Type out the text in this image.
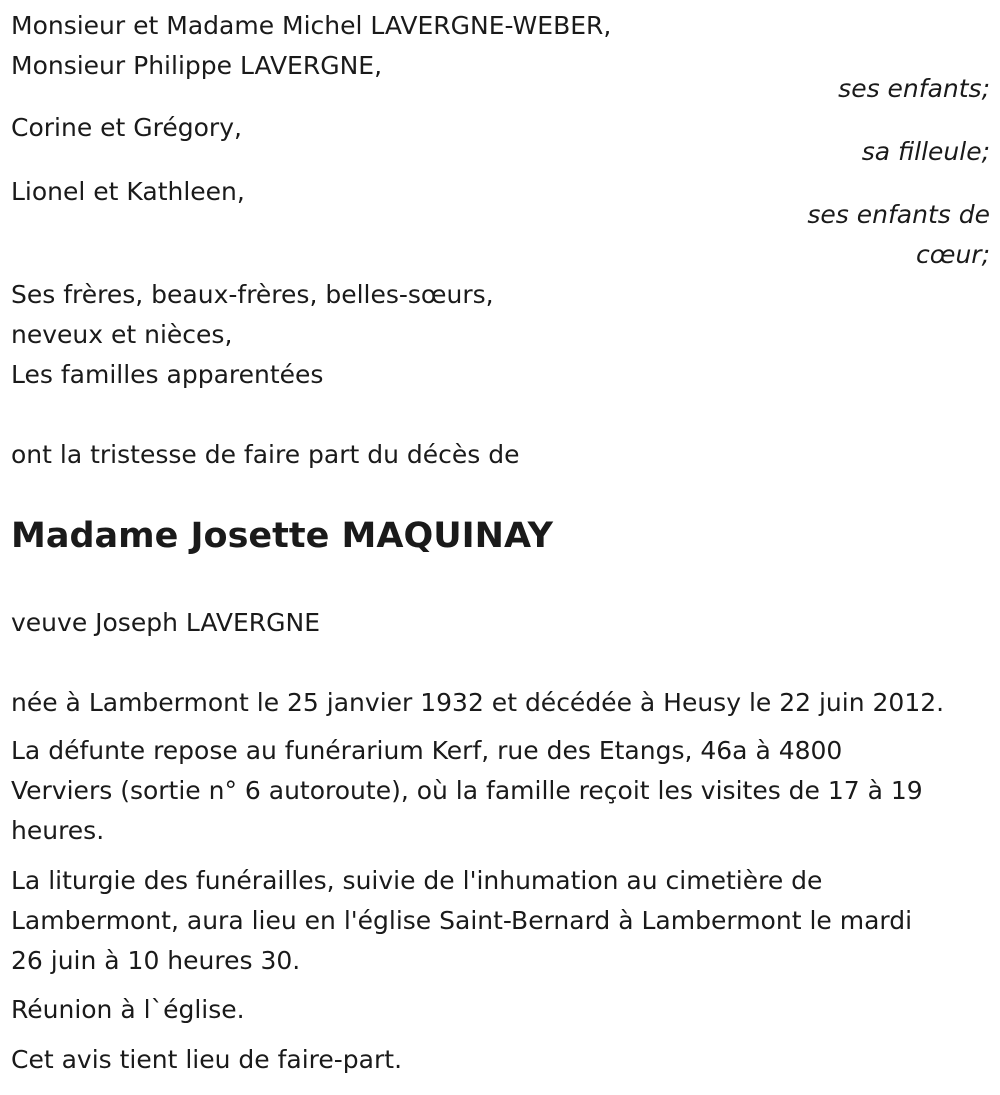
Monsieur et Madame Michel LAVERGNE-WEBER,
Monsieur Philippe LAVERGNE,
ses enfants;
Corine et Grégory,
sa filleule;
Lionel et Kathleen,
ses enfants de
cœur;
Ses frères, beaux-frères, belles-sœurs,
neveux et nièces,
Les familles apparentées
ont la tristesse de faire part du décès de
Madame Josette MAQUINAY
veuve Joseph LAVERGNE
née à Lambermont le 25 janvier 1932 et décédée à Heusy le 22 juin 2012.
La défunte repose au funérarium Kerf, rue des Etangs, 46a à 4800
Verviers (sortie n° 6 autoroute), où la famille reçoit les visites de 17 à 19
heures.
La liturgie des funérailles, suivie de l'inhumation au cimetière de
Lambermont, aura lieu en l'église Saint-Bernard à Lambermont le mardi
26 juin à 10 heures 30.
Réunion à l`église.
Cet avis tient lieu de faire-part.
